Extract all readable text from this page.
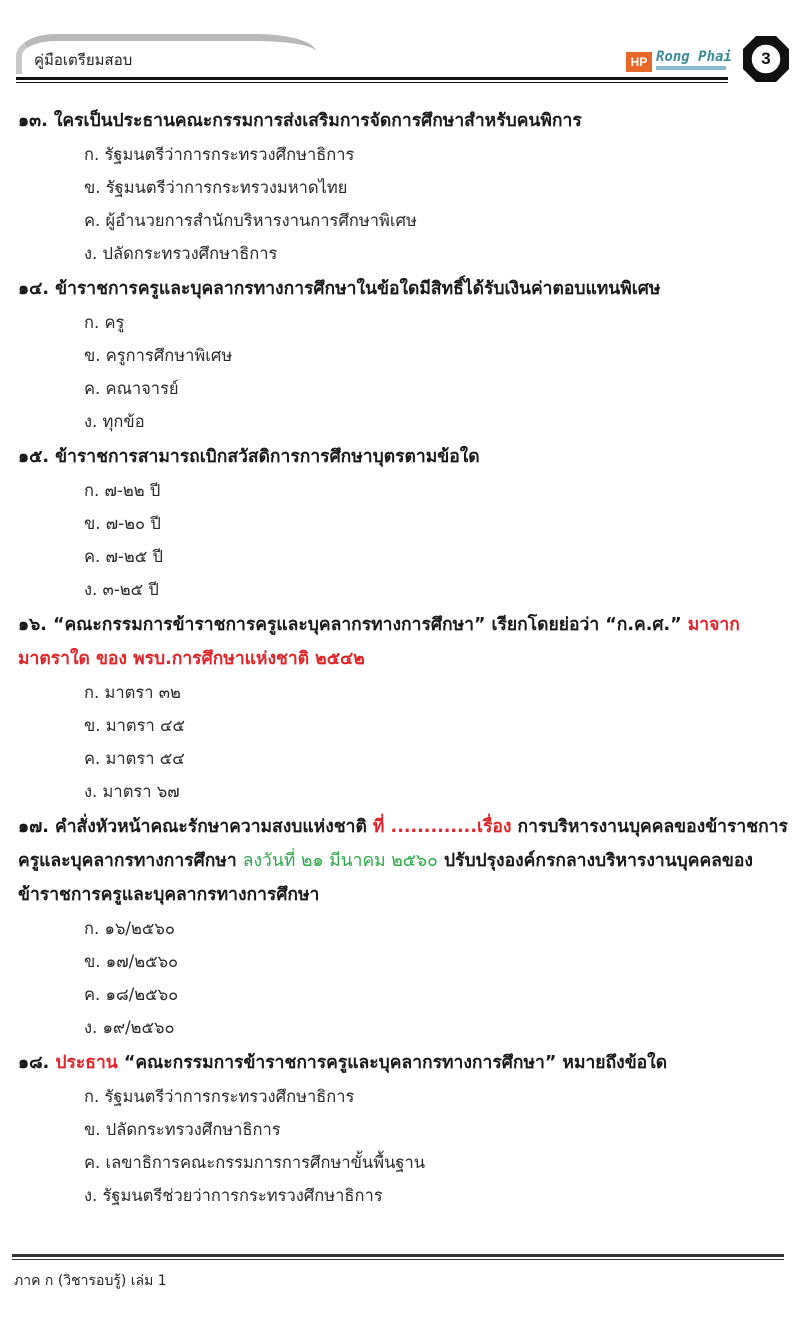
คู่มือเตรียมสอบ	HP Rong Phai	3
๑๓. ใครเป็นประธานคณะกรรมการส่งเสริมการจัดการศึกษาสำหรับคนพิการ
ก. รัฐมนตรีว่าการกระทรวงศึกษาธิการ
ข. รัฐมนตรีว่าการกระทรวงมหาดไทย
ค. ผู้อำนวยการสำนักบริหารงานการศึกษาพิเศษ
ง. ปลัดกระทรวงศึกษาธิการ
๑๔. ข้าราชการครูและบุคลากรทางการศึกษาในข้อใดมีสิทธิ์ได้รับเงินค่าตอบแทนพิเศษ
ก. ครู
ข. ครูการศึกษาพิเศษ
ค. คณาจารย์
ง. ทุกข้อ
๑๕. ข้าราชการสามารถเบิกสวัสดิการการศึกษาบุตรตามข้อใด
ก. ๗-๒๒ ปี
ข. ๗-๒๐ ปี
ค. ๗-๒๕ ปี
ง. ๓-๒๕ ปี
๑๖. “คณะกรรมการข้าราชการครูและบุคลากรทางการศึกษา” เรียกโดยย่อว่า “ก.ค.ศ.” มาจาก มาตราใด ของ พรบ.การศึกษาแห่งชาติ ๒๕๔๒
ก. มาตรา ๓๒
ข. มาตรา ๔๕
ค. มาตรา ๕๔
ง. มาตรา ๖๗
๑๗. คำสั่งหัวหน้าคณะรักษาความสงบแห่งชาติ ที่ .............เรื่อง การบริหารงานบุคคลของข้าราชการครูและบุคลากรทางการศึกษา ลงวันที่ ๒๑ มีนาคม ๒๕๖๐ ปรับปรุงองค์กรกลางบริหารงานบุคคลของข้าราชการครูและบุคลากรทางการศึกษา
ก. ๑๖/๒๕๖๐
ข. ๑๗/๒๕๖๐
ค. ๑๘/๒๕๖๐
ง. ๑๙/๒๕๖๐
๑๘. ประธาน “คณะกรรมการข้าราชการครูและบุคลากรทางการศึกษา” หมายถึงข้อใด
ก. รัฐมนตรีว่าการกระทรวงศึกษาธิการ
ข. ปลัดกระทรวงศึกษาธิการ
ค. เลขาธิการคณะกรรมการการศึกษาขั้นพื้นฐาน
ง. รัฐมนตรีช่วยว่าการกระทรวงศึกษาธิการ
ภาค ก (วิชารอบรู้) เล่ม 1
